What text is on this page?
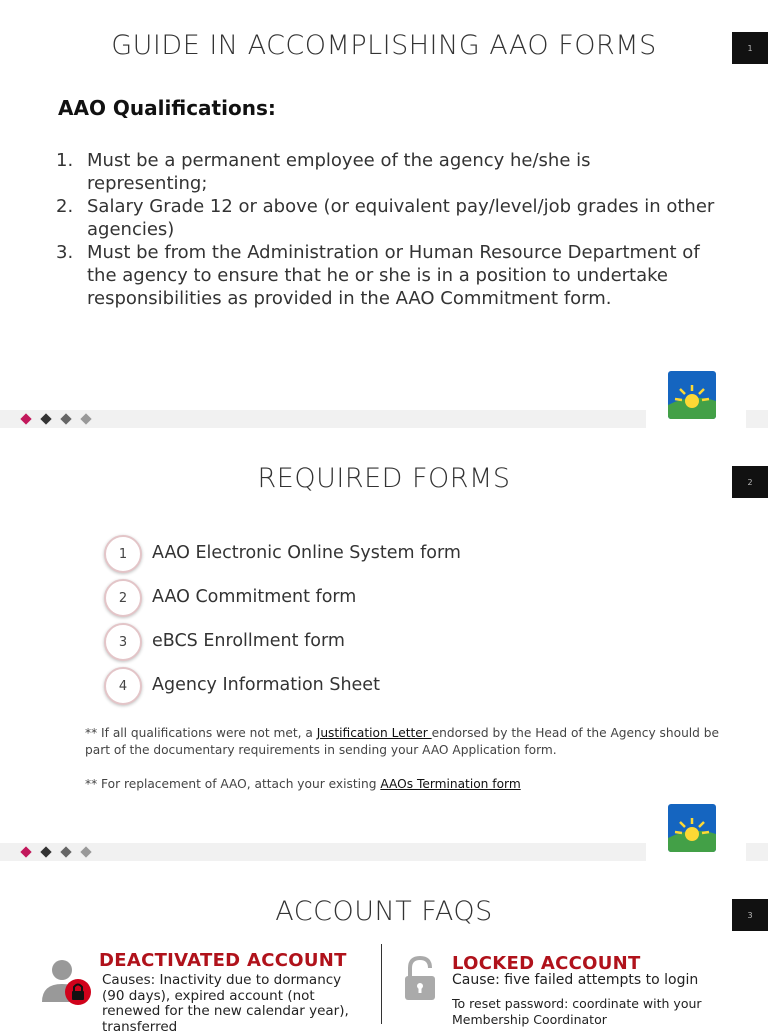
1
GUIDE IN ACCOMPLISHING AAO FORMS
AAO Qualifications:
1. Must be a permanent employee of the agency he/she is representing;
2. Salary Grade 12 or above (or equivalent pay/level/job grades in other agencies)
3. Must be from the Administration or Human Resource Department of the agency to ensure that he or she is in a position to undertake responsibilities as provided in the AAO Commitment form.
2
REQUIRED FORMS
1	AAO Electronic Online System form
2	AAO Commitment form
3	eBCS Enrollment form
4	Agency Information Sheet
** If all qualifications were not met, a Justification Letter endorsed by the Head of the Agency should be part of the documentary requirements in sending your AAO Application form.
** For replacement of AAO, attach your existing AAOs Termination form
3
ACCOUNT FAQS
DEACTIVATED ACCOUNT
Causes: Inactivity due to dormancy (90 days), expired account (not renewed for the new calendar year), transferred
LOCKED ACCOUNT
Cause: five failed attempts to login
To reset password: coordinate with your Membership Coordinator
